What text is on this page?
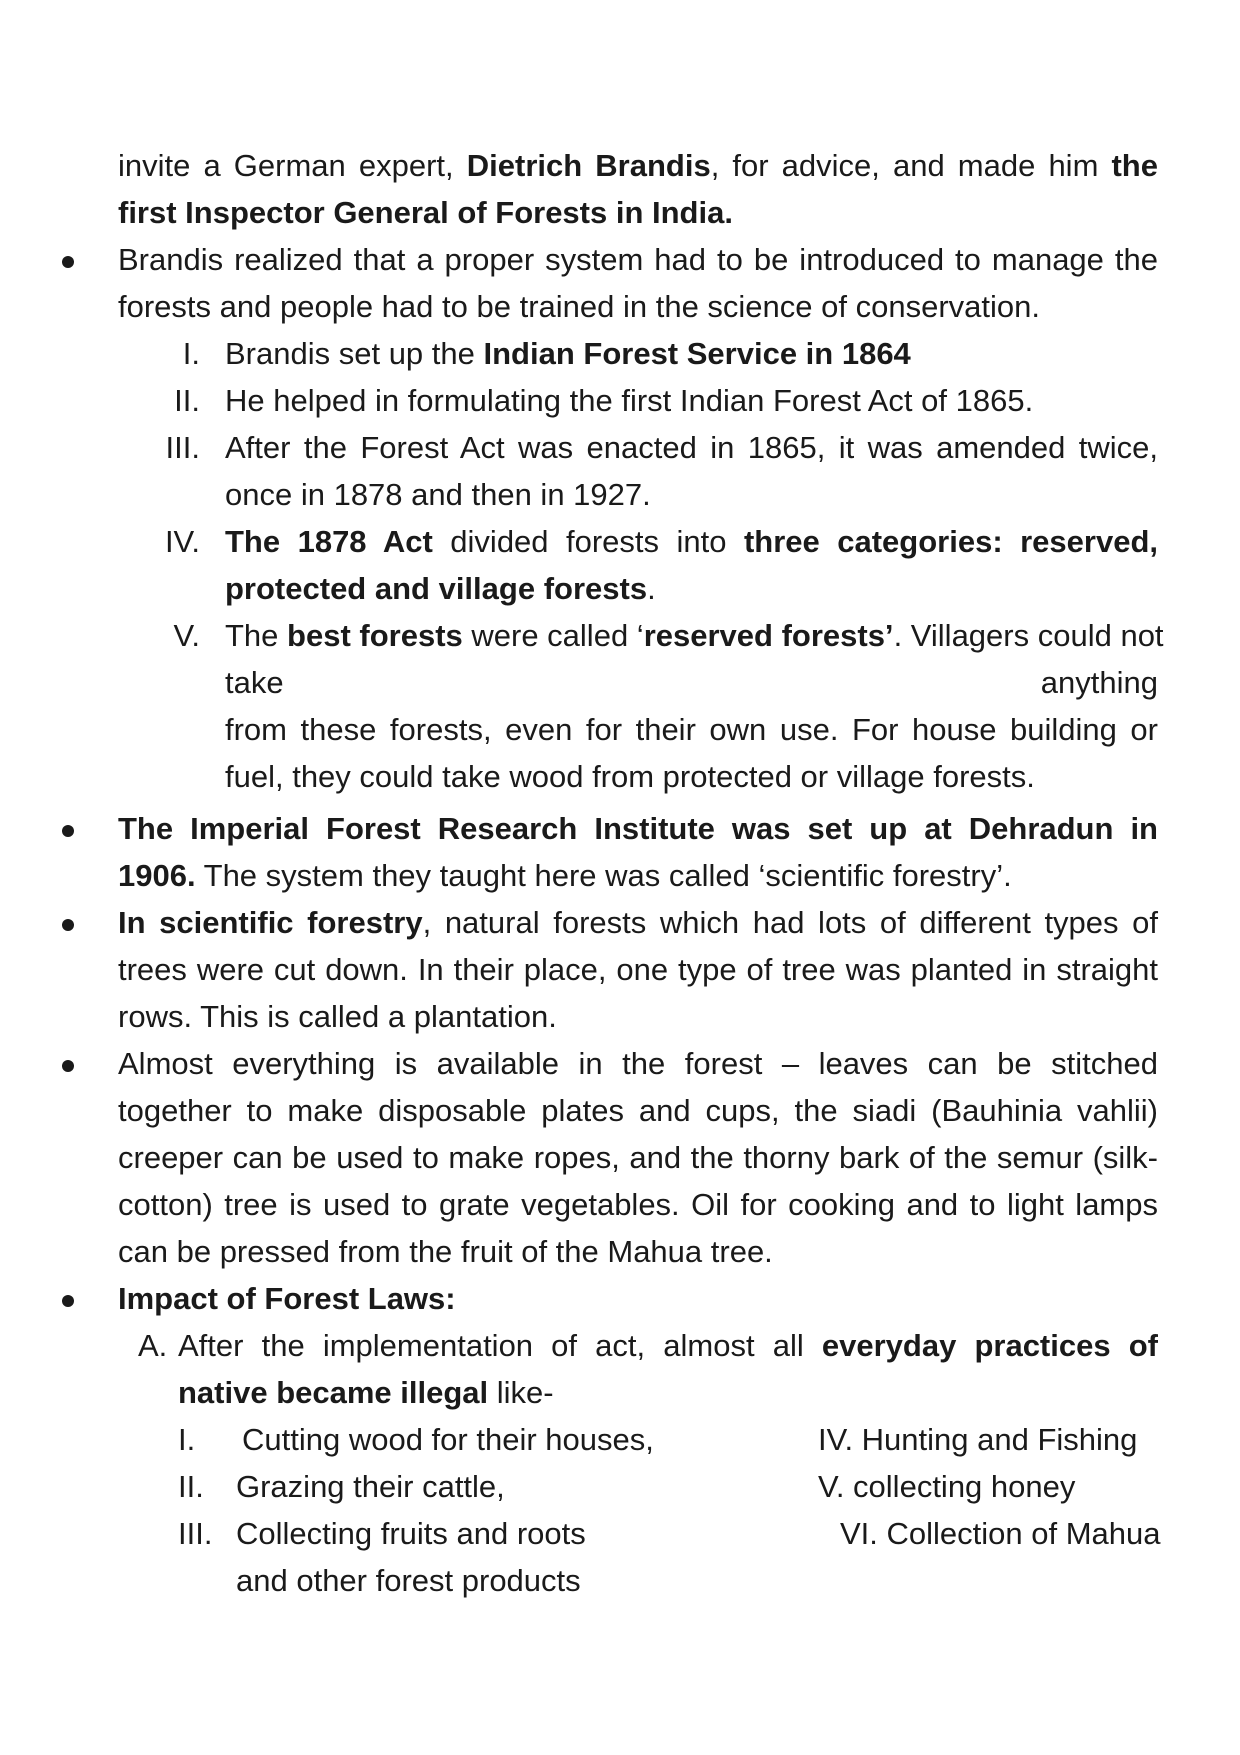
invite a German expert, Dietrich Brandis, for advice, and made him the first Inspector General of Forests in India.
Brandis realized that a proper system had to be introduced to manage the forests and people had to be trained in the science of conservation.
I. Brandis set up the Indian Forest Service in 1864
II. He helped in formulating the first Indian Forest Act of 1865.
III. After the Forest Act was enacted in 1865, it was amended twice, once in 1878 and then in 1927.
IV. The 1878 Act divided forests into three categories: reserved, protected and village forests.
V. The best forests were called ‘reserved forests’. Villagers could not
take	anything
from these forests, even for their own use. For house building or fuel, they could take wood from protected or village forests.
The Imperial Forest Research Institute was set up at Dehradun in 1906. The system they taught here was called ‘scientific forestry’.
In scientific forestry, natural forests which had lots of different types of trees were cut down. In their place, one type of tree was planted in straight rows. This is called a plantation.
Almost everything is available in the forest – leaves can be stitched together to make disposable plates and cups, the siadi (Bauhinia vahlii) creeper can be used to make ropes, and the thorny bark of the semur (silk-cotton) tree is used to grate vegetables. Oil for cooking and to light lamps can be pressed from the fruit of the Mahua tree.
Impact of Forest Laws:
A. After the implementation of act, almost all everyday practices of native became illegal like-
I. Cutting wood for their houses,
II. Grazing their cattle,
III. Collecting fruits and roots
and other forest products
IV. Hunting and Fishing
V. collecting honey
VI. Collection of Mahua
